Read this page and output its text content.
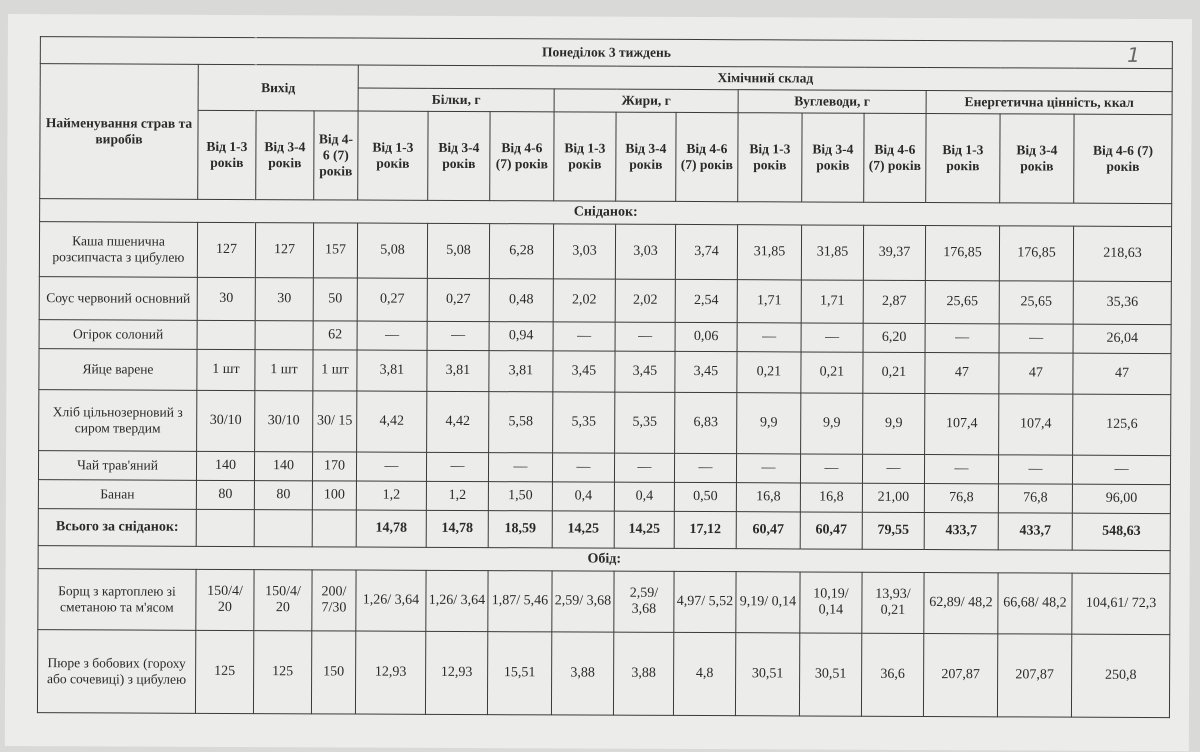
1
Понеділок 3 тиждень															
Найменування страв та виробів	Вихід			Хімічний склад											
				Білки, г			Жири, г			Вуглеводи, г			Енергетична цінність, ккал		
	Від 1-3 років	Від 3-4 років	Від 4-6 (7) років	Від 1-3 років	Від 3-4 років	Від 4-6 (7) років	Від 1-3 років	Від 3-4 років	Від 4-6 (7) років	Від 1-3 років	Від 3-4 років	Від 4-6 (7) років	Від 1-3 років	Від 3-4 років	Від 4-6 (7) років
Сніданок:															
Каша пшенична розсипчаста з цибулею	127	127	157	5,08	5,08	6,28	3,03	3,03	3,74	31,85	31,85	39,37	176,85	176,85	218,63
Соус червоний основний	30	30	50	0,27	0,27	0,48	2,02	2,02	2,54	1,71	1,71	2,87	25,65	25,65	35,36
Огірок солоний			62	—	—	0,94	—	—	0,06	—	—	6,20	—	—	26,04
Яйце варене	1 шт	1 шт	1 шт	3,81	3,81	3,81	3,45	3,45	3,45	0,21	0,21	0,21	47	47	47
Хліб цільнозерновий з сиром твердим	30/10	30/10	30/ 15	4,42	4,42	5,58	5,35	5,35	6,83	9,9	9,9	9,9	107,4	107,4	125,6
Чай трав'яний	140	140	170	—	—	—	—	—	—	—	—	—	—	—	—
Банан	80	80	100	1,2	1,2	1,50	0,4	0,4	0,50	16,8	16,8	21,00	76,8	76,8	96,00
Всього за сніданок:				14,78	14,78	18,59	14,25	14,25	17,12	60,47	60,47	79,55	433,7	433,7	548,63
Обід:															
Борщ з картоплею зі сметаною та м'ясом	150/4/ 20	150/4/ 20	200/ 7/30	1,26/ 3,64	1,26/ 3,64	1,87/ 5,46	2,59/ 3,68	2,59/ 3,68	4,97/ 5,52	9,19/ 0,14	10,19/ 0,14	13,93/ 0,21	62,89/ 48,2	66,68/ 48,2	104,61/ 72,3
Пюре з бобових (гороху або сочевиці) з цибулею	125	125	150	12,93	12,93	15,51	3,88	3,88	4,8	30,51	30,51	36,6	207,87	207,87	250,8
